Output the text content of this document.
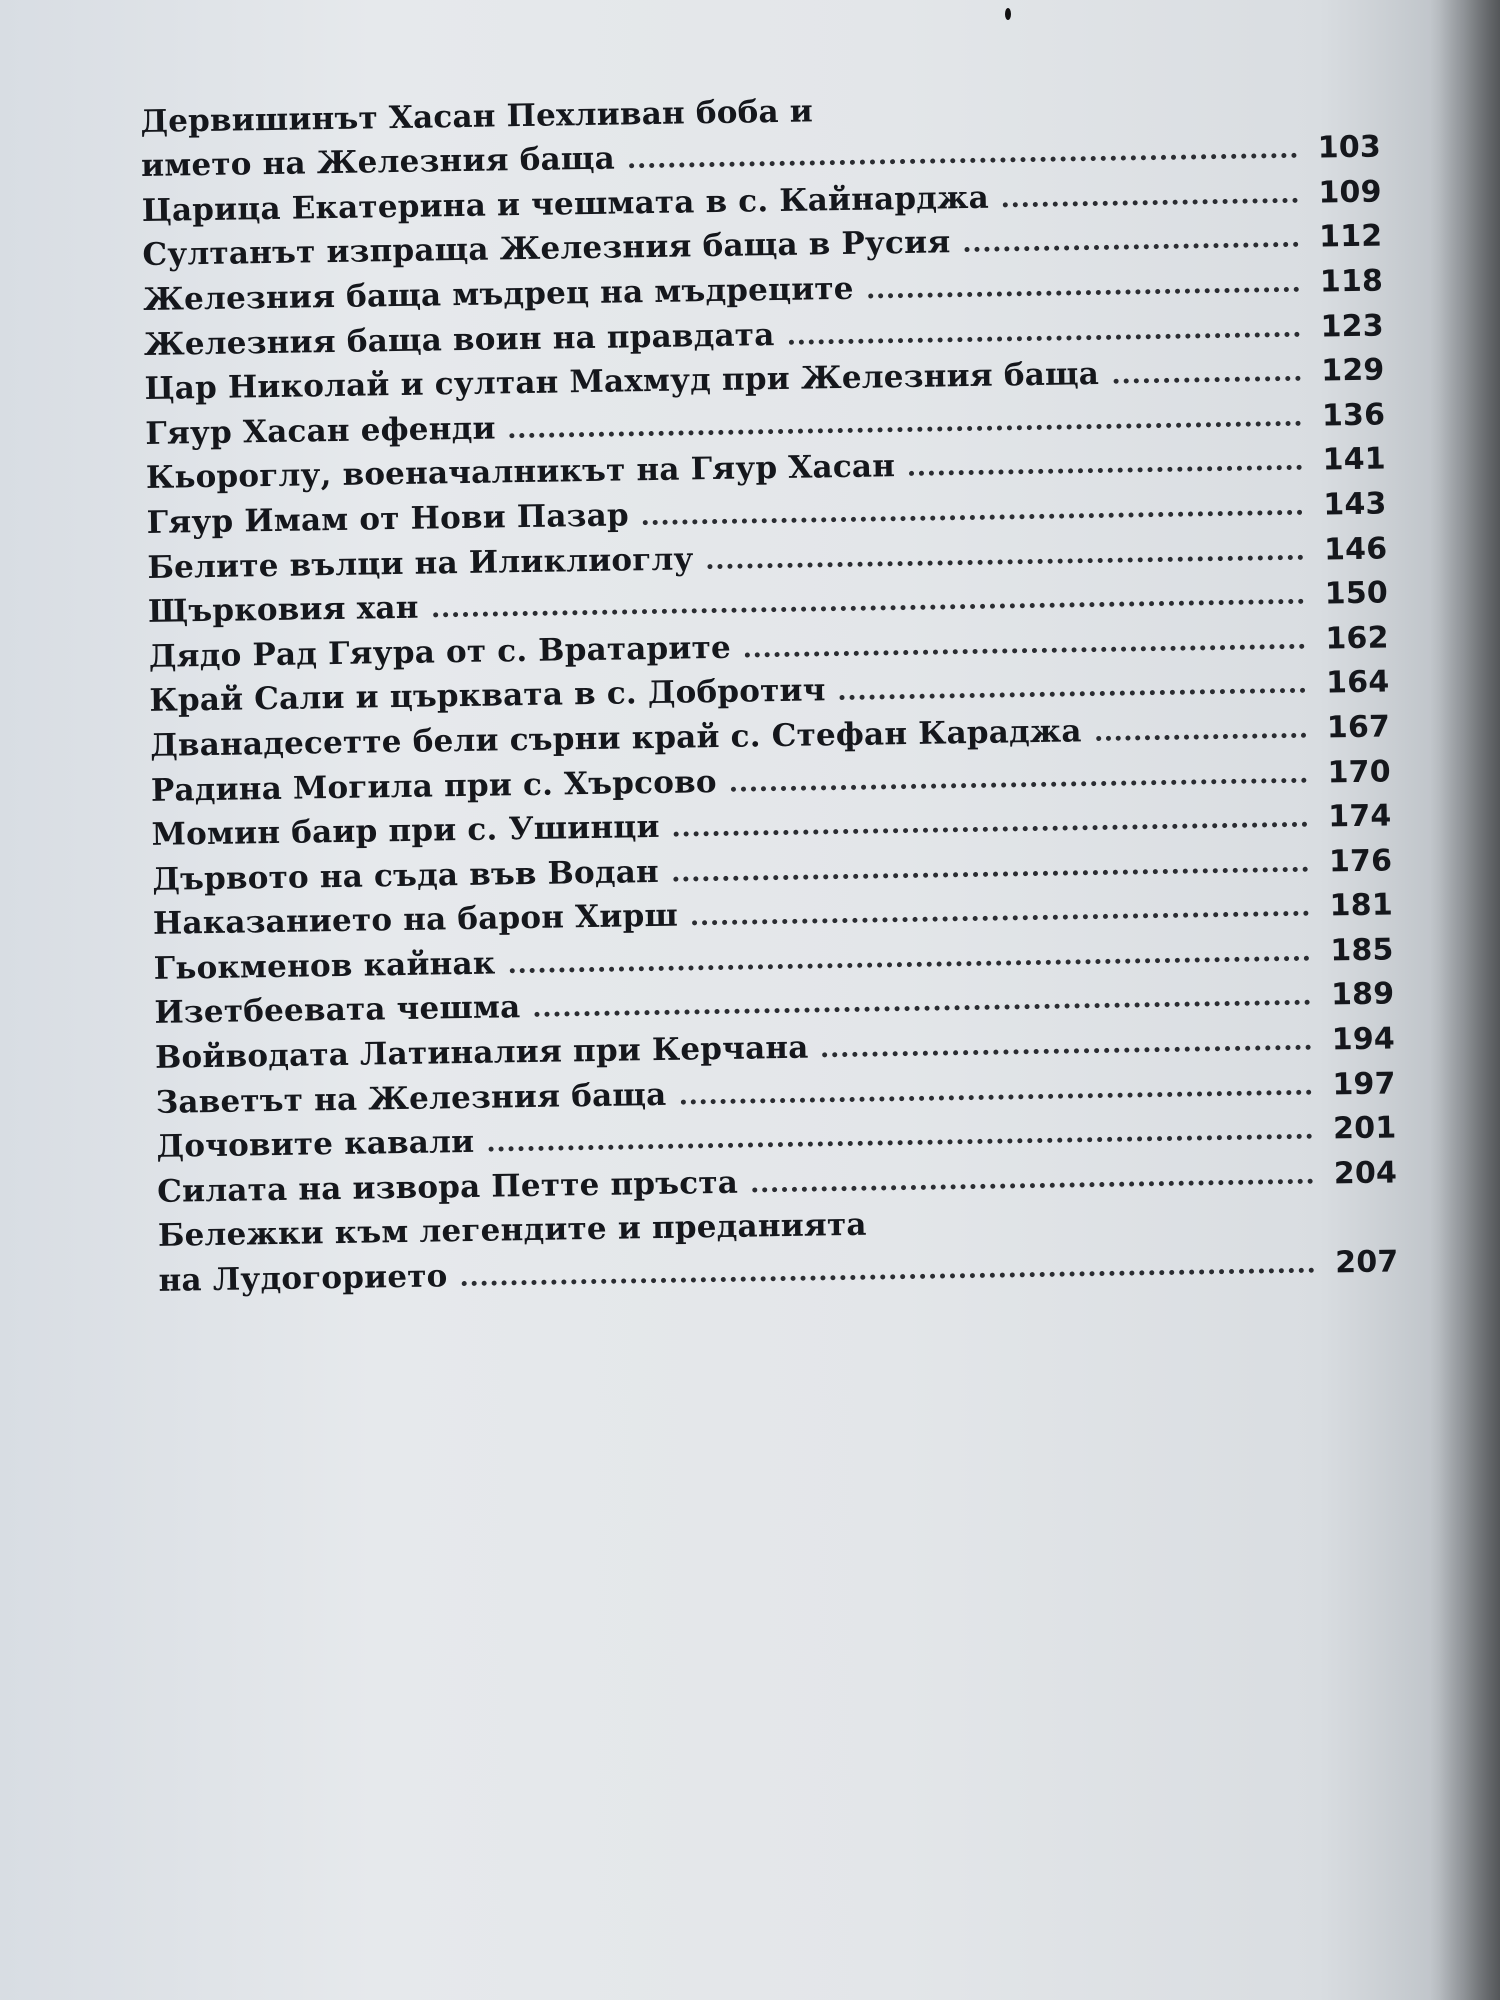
Дервишинът Хасан Пехливан боба и
името на Железния баща	103
Царица Екатерина и чешмата в с. Кайнарджа	109
Султанът изпраща Железния баща в Русия	112
Железния баща мъдрец на мъдреците	118
Железния баща воин на правдата	123
Цар Николай и султан Махмуд при Железния баща	129
Гяур Хасан ефенди	136
Кьороглу, военачалникът на Гяур Хасан	141
Гяур Имам от Нови Пазар	143
Белите вълци на Иликлиоглу	146
Щърковия хан	150
Дядо Рад Гяура от с. Вратарите	162
Край Сали и църквата в с. Добротич	164
Дванадесетте бели сърни край с. Стефан Караджа	167
Радина Могила при с. Хърсово	170
Момин баир при с. Ушинци	174
Дървото на съда във Водан	176
Наказанието на барон Хирш	181
Гьокменов кайнак	185
Изетбеевата чешма	189
Войводата Латиналия при Керчана	194
Заветът на Железния баща	197
Дочовите кавали	201
Силата на извора Петте пръста	204
Бележки към легендите и преданията
на Лудогорието	207
